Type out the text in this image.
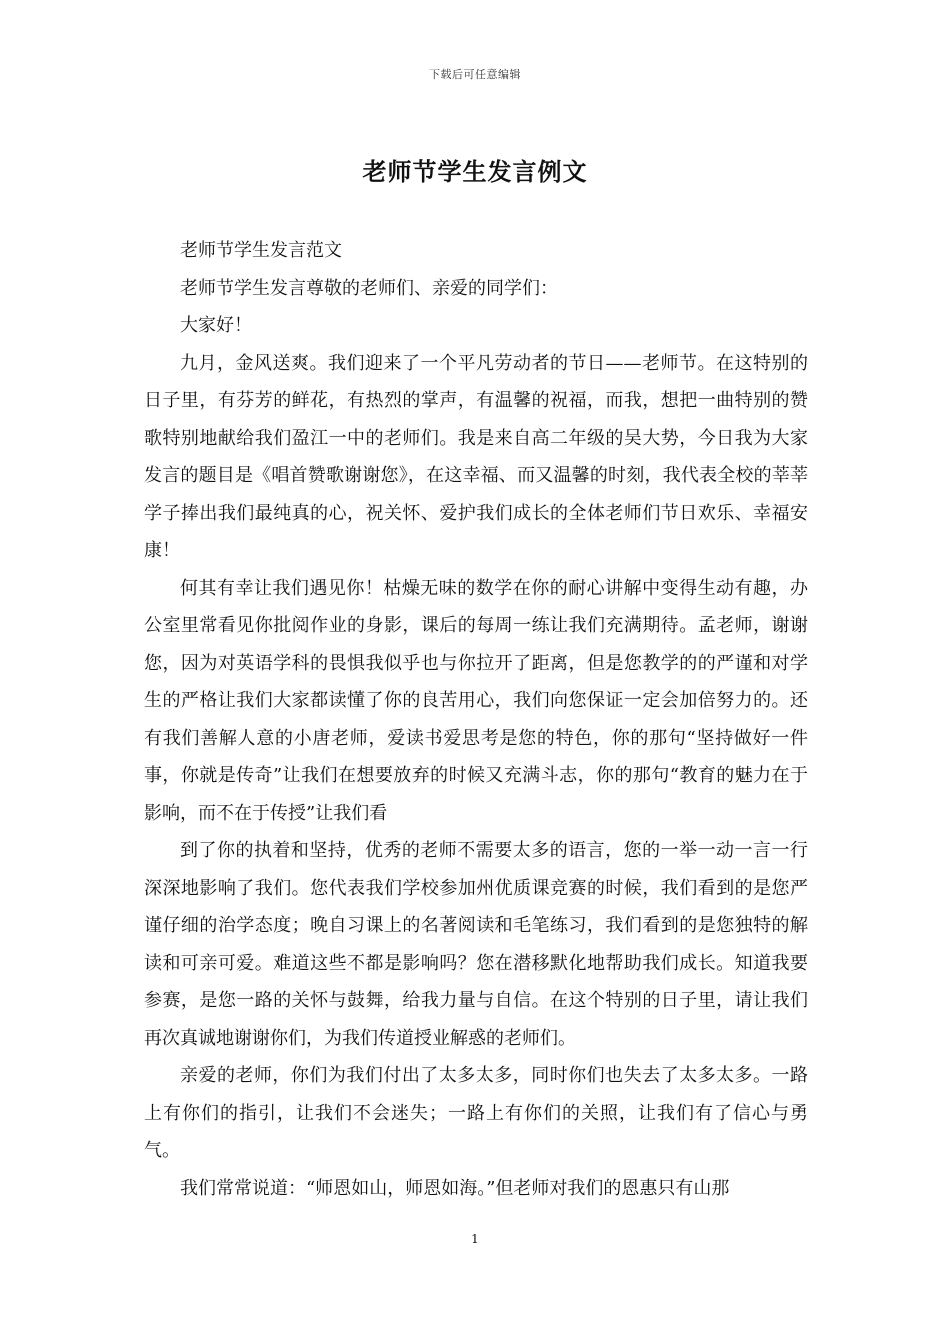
下载后可任意编辑
老师节学生发言例文

老师节学生发言范文

老师节学生发言尊敬的老师们、亲爱的同学们：

大家好！

九月，金风送爽。我们迎来了一个平凡劳动者的节日——老师节。在这特别的日子里，有芬芳的鲜花，有热烈的掌声，有温馨的祝福，而我，想把一曲特别的赞歌特别地献给我们盈江一中的老师们。我是来自高二年级的吴大势，今日我为大家发言的题目是《唱首赞歌谢谢您》，在这幸福、而又温馨的时刻，我代表全校的莘莘学子捧出我们最纯真的心，祝关怀、爱护我们成长的全体老师们节日欢乐、幸福安康！

何其有幸让我们遇见你！枯燥无味的数学在你的耐心讲解中变得生动有趣，办公室里常看见你批阅作业的身影，课后的每周一练让我们充满期待。孟老师，谢谢您，因为对英语学科的畏惧我似乎也与你拉开了距离，但是您教学的的严谨和对学生的严格让我们大家都读懂了你的良苦用心，我们向您保证一定会加倍努力的。还有我们善解人意的小唐老师，爱读书爱思考是您的特色，你的那句“坚持做好一件事，你就是传奇”让我们在想要放弃的时候又充满斗志，你的那句“教育的魅力在于影响，而不在于传授”让我们看

到了你的执着和坚持，优秀的老师不需要太多的语言，您的一举一动一言一行深深地影响了我们。您代表我们学校参加州优质课竞赛的时候，我们看到的是您严谨仔细的治学态度；晚自习课上的名著阅读和毛笔练习，我们看到的是您独特的解读和可亲可爱。难道这些不都是影响吗？您在潜移默化地帮助我们成长。知道我要参赛，是您一路的关怀与鼓舞，给我力量与自信。在这个特别的日子里，请让我们再次真诚地谢谢你们，为我们传道授业解惑的老师们。

亲爱的老师，你们为我们付出了太多太多，同时你们也失去了太多太多。一路上有你们的指引，让我们不会迷失；一路上有你们的关照，让我们有了信心与勇气。

我们常常说道：“师恩如山，师恩如海。”但老师对我们的恩惠只有山那

1
